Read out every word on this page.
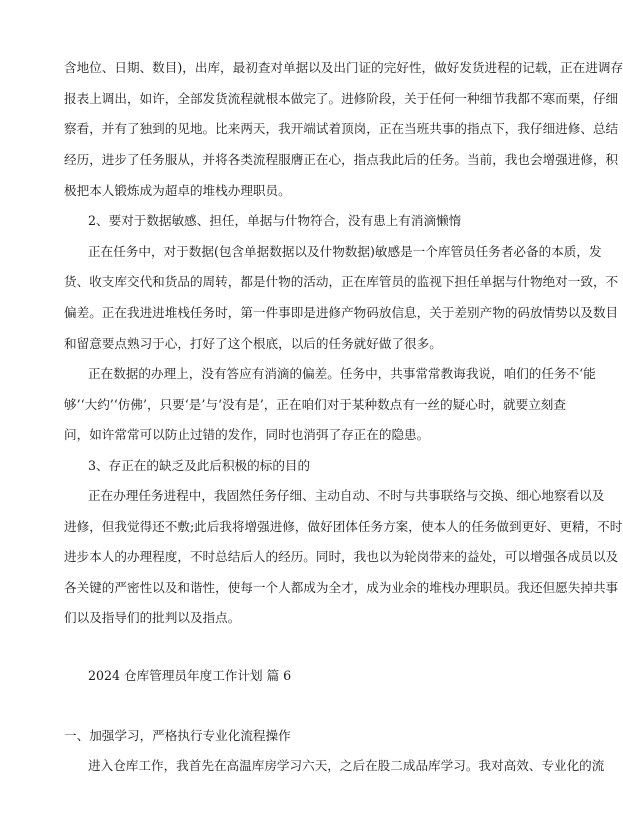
含地位、日期、数目)，出库，最初查对单据以及出门证的完好性，做好发货进程的记载，正在进调存
报表上调出，如许，全部发货流程就根本做完了。进修阶段，关于任何一种细节我都不寒而栗，仔细
察看，并有了独到的见地。比来两天，我开端试着顶岗，正在当班共事的指点下，我仔细进修、总结
经历，进步了任务服从，并将各类流程服膺正在心，指点我此后的任务。当前，我也会增强进修，积
极把本人锻炼成为超卓的堆栈办理职员。
2、要对于数据敏感、担任，单据与什物符合，没有患上有消滴懒惰
正在任务中，对于数据(包含单据数据以及什物数据)敏感是一个库管员任务者必备的本质，发
货、收支库交代和货品的周转，都是什物的活动，正在库管员的监视下担任单据与什物绝对一致，不
偏差。正在我进进堆栈任务时，第一件事即是进修产物码放信息，关于差别产物的码放情势以及数目
和留意要点熟习于心，打好了这个根底，以后的任务就好做了很多。
正在数据的办理上，没有答应有消滴的偏差。任务中，共事常常教诲我说，咱们的任务不‘能
够’‘大约’‘仿佛’，只要‘是’与‘没有是’，正在咱们对于某种数点有一丝的疑心时，就要立刻查
问，如许常常可以防止过错的发作，同时也消弭了存正在的隐患。
3、存正在的缺乏及此后积极的标的目的
正在办理任务进程中，我固然任务仔细、主动自动、不时与共事联络与交换、细心地察看以及
进修，但我觉得还不敷;此后我将增强进修，做好团体任务方案，使本人的任务做到更好、更精，不时
进步本人的办理程度，不时总结后人的经历。同时，我也以为轮岗带来的益处，可以增强各成员以及
各关键的严密性以及和谐性，使每一个人都成为全才，成为业余的堆栈办理职员。我还但愿失掉共事
们以及指导们的批判以及指点。
2024 仓库管理员年度工作计划 篇 6
一、加强学习，严格执行专业化流程操作
进入仓库工作，我首先在高温库房学习六天，之后在股二成品库学习。我对高效、专业化的流
